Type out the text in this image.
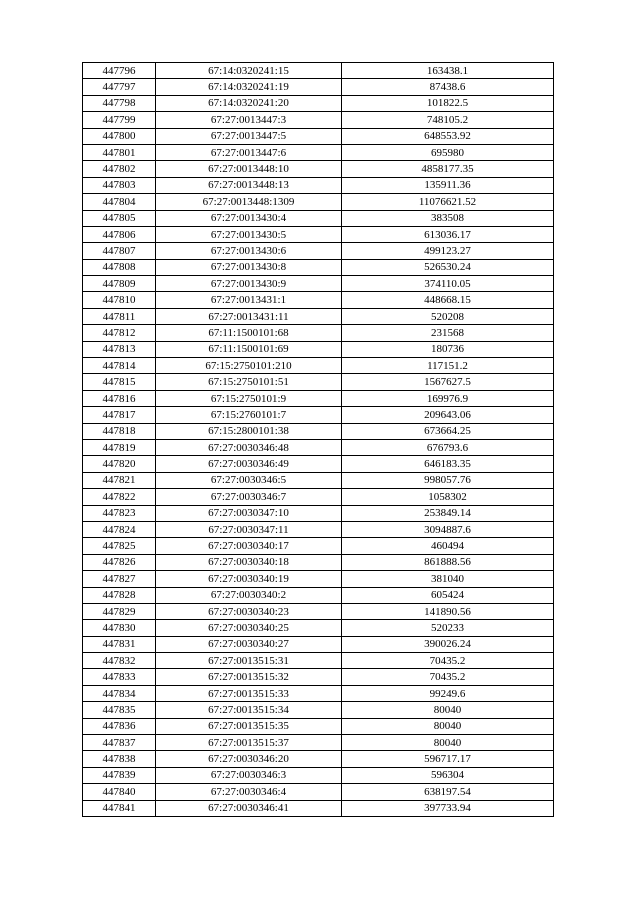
447796	67:14:0320241:15	163438.1
447797	67:14:0320241:19	87438.6
447798	67:14:0320241:20	101822.5
447799	67:27:0013447:3	748105.2
447800	67:27:0013447:5	648553.92
447801	67:27:0013447:6	695980
447802	67:27:0013448:10	4858177.35
447803	67:27:0013448:13	135911.36
447804	67:27:0013448:1309	11076621.52
447805	67:27:0013430:4	383508
447806	67:27:0013430:5	613036.17
447807	67:27:0013430:6	499123.27
447808	67:27:0013430:8	526530.24
447809	67:27:0013430:9	374110.05
447810	67:27:0013431:1	448668.15
447811	67:27:0013431:11	520208
447812	67:11:1500101:68	231568
447813	67:11:1500101:69	180736
447814	67:15:2750101:210	117151.2
447815	67:15:2750101:51	1567627.5
447816	67:15:2750101:9	169976.9
447817	67:15:2760101:7	209643.06
447818	67:15:2800101:38	673664.25
447819	67:27:0030346:48	676793.6
447820	67:27:0030346:49	646183.35
447821	67:27:0030346:5	998057.76
447822	67:27:0030346:7	1058302
447823	67:27:0030347:10	253849.14
447824	67:27:0030347:11	3094887.6
447825	67:27:0030340:17	460494
447826	67:27:0030340:18	861888.56
447827	67:27:0030340:19	381040
447828	67:27:0030340:2	605424
447829	67:27:0030340:23	141890.56
447830	67:27:0030340:25	520233
447831	67:27:0030340:27	390026.24
447832	67:27:0013515:31	70435.2
447833	67:27:0013515:32	70435.2
447834	67:27:0013515:33	99249.6
447835	67:27:0013515:34	80040
447836	67:27:0013515:35	80040
447837	67:27:0013515:37	80040
447838	67:27:0030346:20	596717.17
447839	67:27:0030346:3	596304
447840	67:27:0030346:4	638197.54
447841	67:27:0030346:41	397733.94
